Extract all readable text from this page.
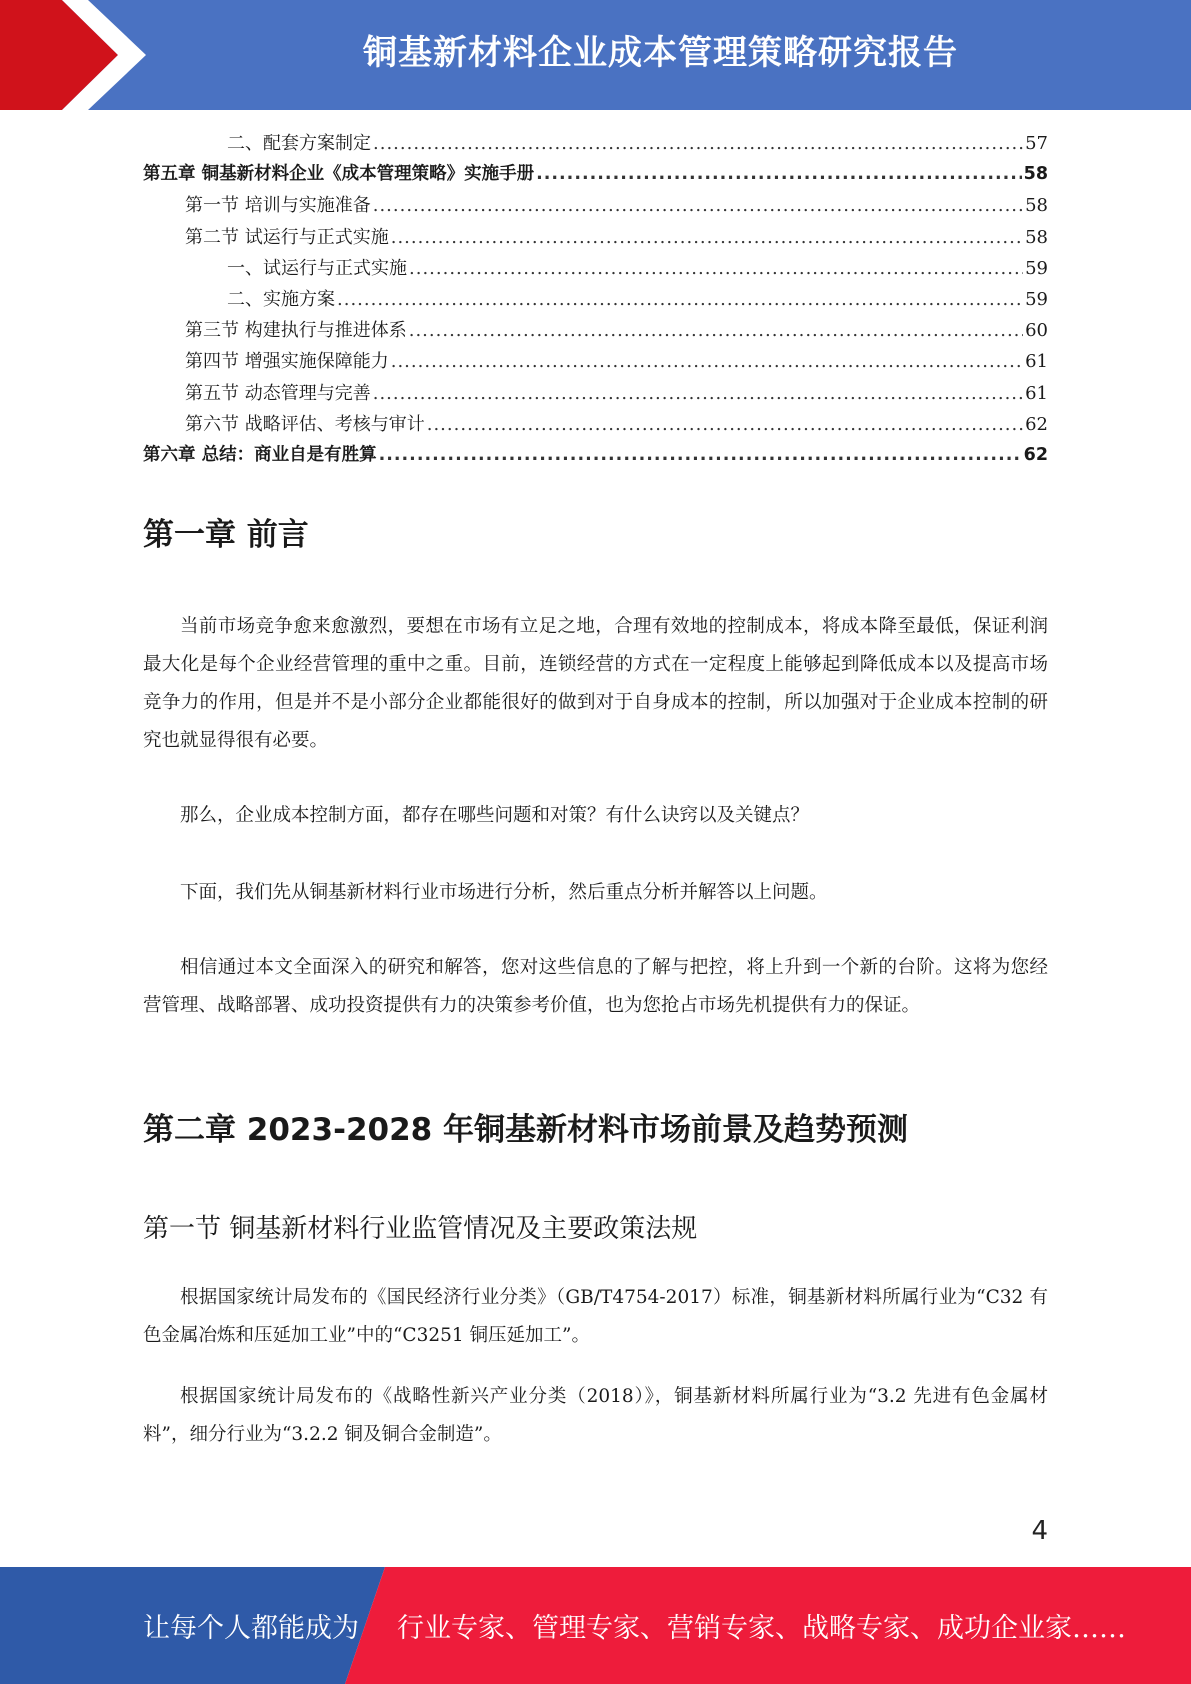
铜基新材料企业成本管理策略研究报告
二、配套方案制定 .....	57
第五章 铜基新材料企业《成本管理策略》实施手册 .....	58
第一节 培训与实施准备 .....	58
第二节 试运行与正式实施 .....	58
一、试运行与正式实施 .....	59
二、实施方案 .....	59
第三节 构建执行与推进体系 .....	60
第四节 增强实施保障能力 .....	61
第五节 动态管理与完善 .....	61
第六节 战略评估、考核与审计 .....	62
第六章 总结：商业自是有胜算 .....	62
第一章 前言

当前市场竞争愈来愈激烈，要想在市场有立足之地，合理有效地的控制成本，将成本降至最低，保证利润最大化是每个企业经营管理的重中之重。目前，连锁经营的方式在一定程度上能够起到降低成本以及提高市场竞争力的作用，但是并不是小部分企业都能很好的做到对于自身成本的控制，所以加强对于企业成本控制的研究也就显得很有必要。

那么，企业成本控制方面，都存在哪些问题和对策？有什么诀窍以及关键点？

下面，我们先从铜基新材料行业市场进行分析，然后重点分析并解答以上问题。

相信通过本文全面深入的研究和解答，您对这些信息的了解与把控，将上升到一个新的台阶。这将为您经营管理、战略部署、成功投资提供有力的决策参考价值，也为您抢占市场先机提供有力的保证。

第二章 2023-2028 年铜基新材料市场前景及趋势预测
第一节 铜基新材料行业监管情况及主要政策法规

根据国家统计局发布的《国民经济行业分类》（GB/T4754-2017）标准，铜基新材料所属行业为“C32 有色金属冶炼和压延加工业”中的“C3251 铜压延加工”。

根据国家统计局发布的《战略性新兴产业分类（2018）》，铜基新材料所属行业为“3.2 先进有色金属材料”，细分行业为“3.2.2 铜及铜合金制造”。

4
让每个人都能成为 行业专家、管理专家、营销专家、战略专家、成功企业家……
